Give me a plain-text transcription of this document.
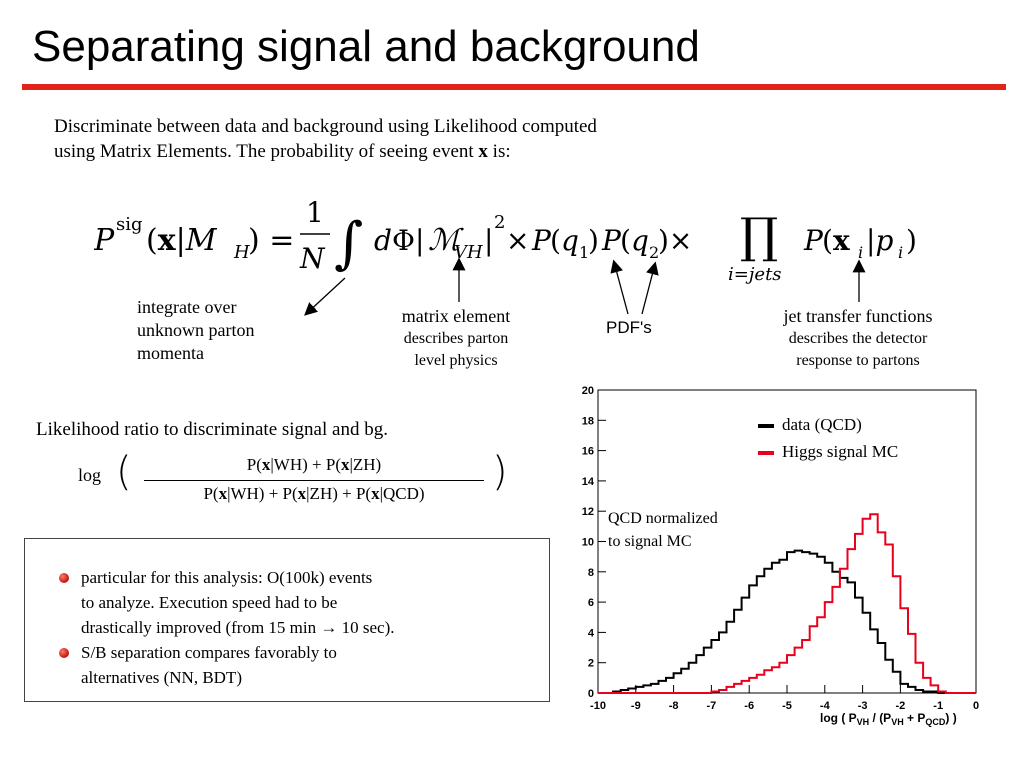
Separating signal and background
Discriminate between data and background using Likelihood computed
using Matrix Elements. The probability of seeing event x is:
P sig (x|M H
) =
1
N ∫ d Φ| ℳ
VH |
2
× P (q 1
) P (q 2
)× ∏
i=jets
P (x i |p i )
integrate over
unknown parton
momenta
matrix element
describes parton
level physics
PDF's
jet transfer functions
describes the detector
response to partons
Likelihood ratio to discriminate signal and bg.
log (	P(x|WH) + P(x|ZH)
P(x|WH) + P(x|ZH) + P(x|QCD)	)
particular for this analysis: O(100k) events
to analyze. Execution speed had to be
drastically improved (from 15 min → 10 sec).
S/B separation compares favorably to
alternatives (NN, BDT)
0
2
4
6
8
10
12
14
16
18
20
-10 -9	-8	-7	-6	-5	-4	-3	-2	-1	0
data (QCD)
Higgs signal MC
QCD normalized
to signal MC
log ( $P_{VH} / (P_{VH} + P_{QCD})$ )
